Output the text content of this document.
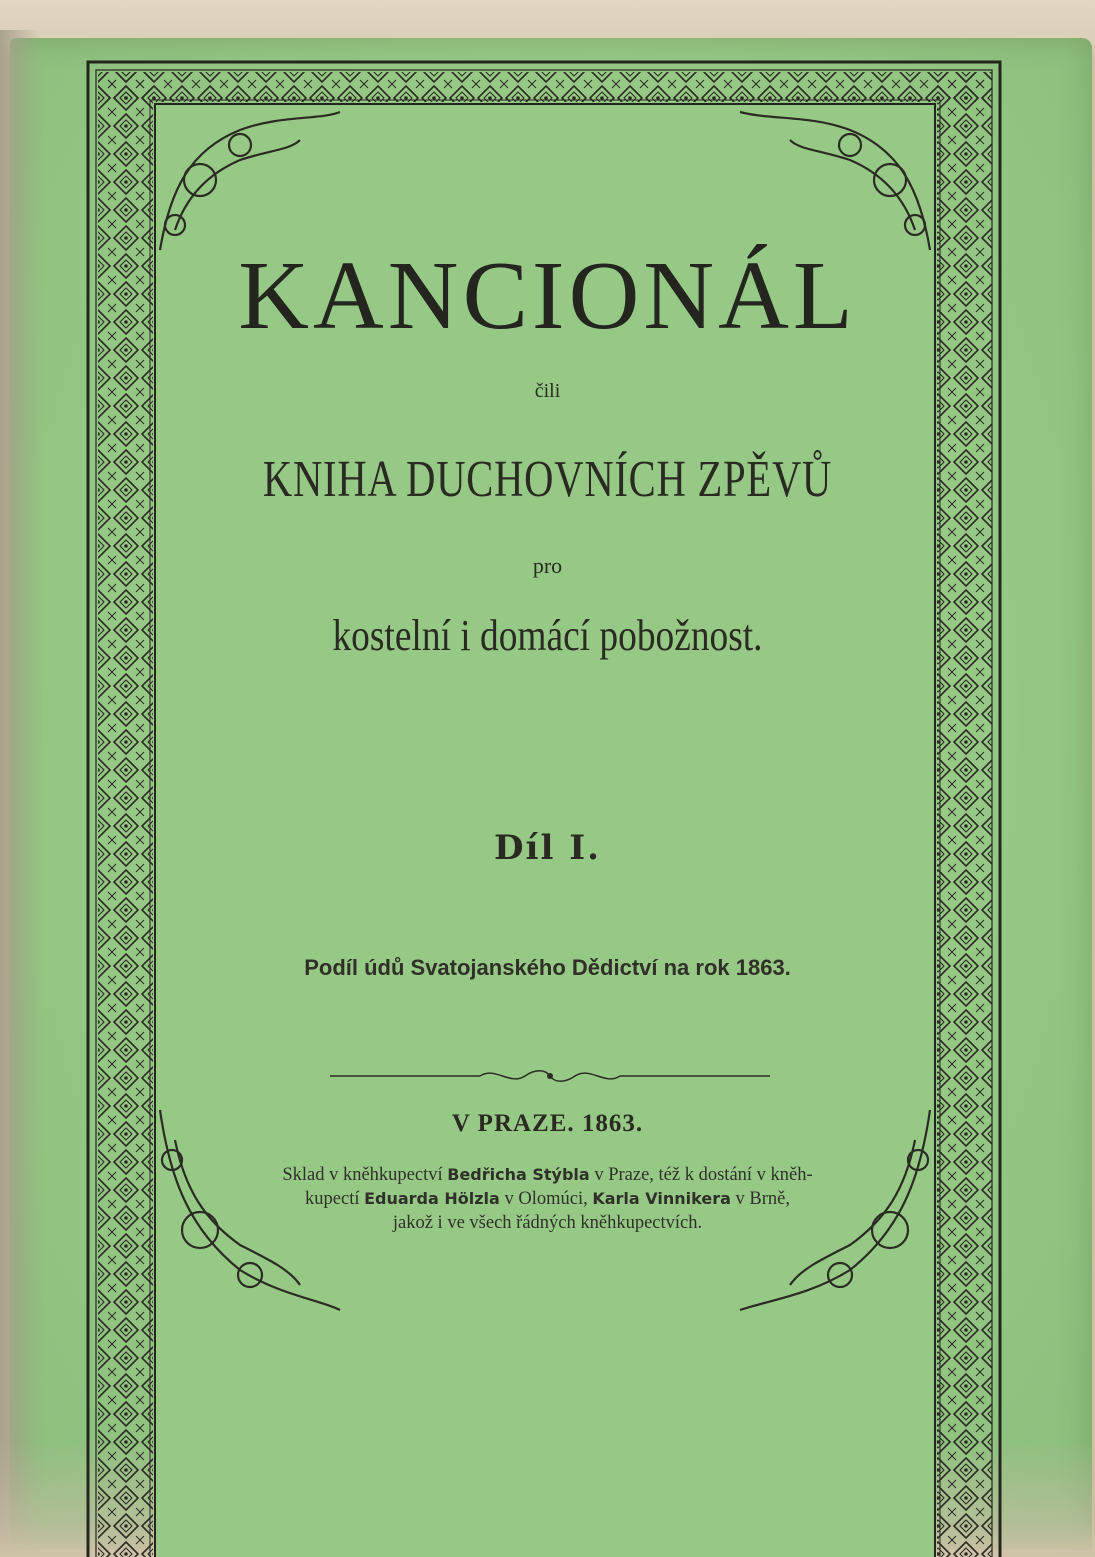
KANCIONÁL
čili
KNIHA DUCHOVNÍCH ZPĚVŮ
pro
kostelní i domácí pobožnost.
Díl I.
Podíl údů Svatojanského Dědictví na rok 1863.
V PRAZE. 1863.
Sklad v kněhkupectví Bedřicha Stýbla v Praze, též k dostání v kněh-
kupectí Eduarda Hölzla v Olomúci, Karla Vinnikera v Brně,
jakož i ve všech řádných kněhkupectvích.
